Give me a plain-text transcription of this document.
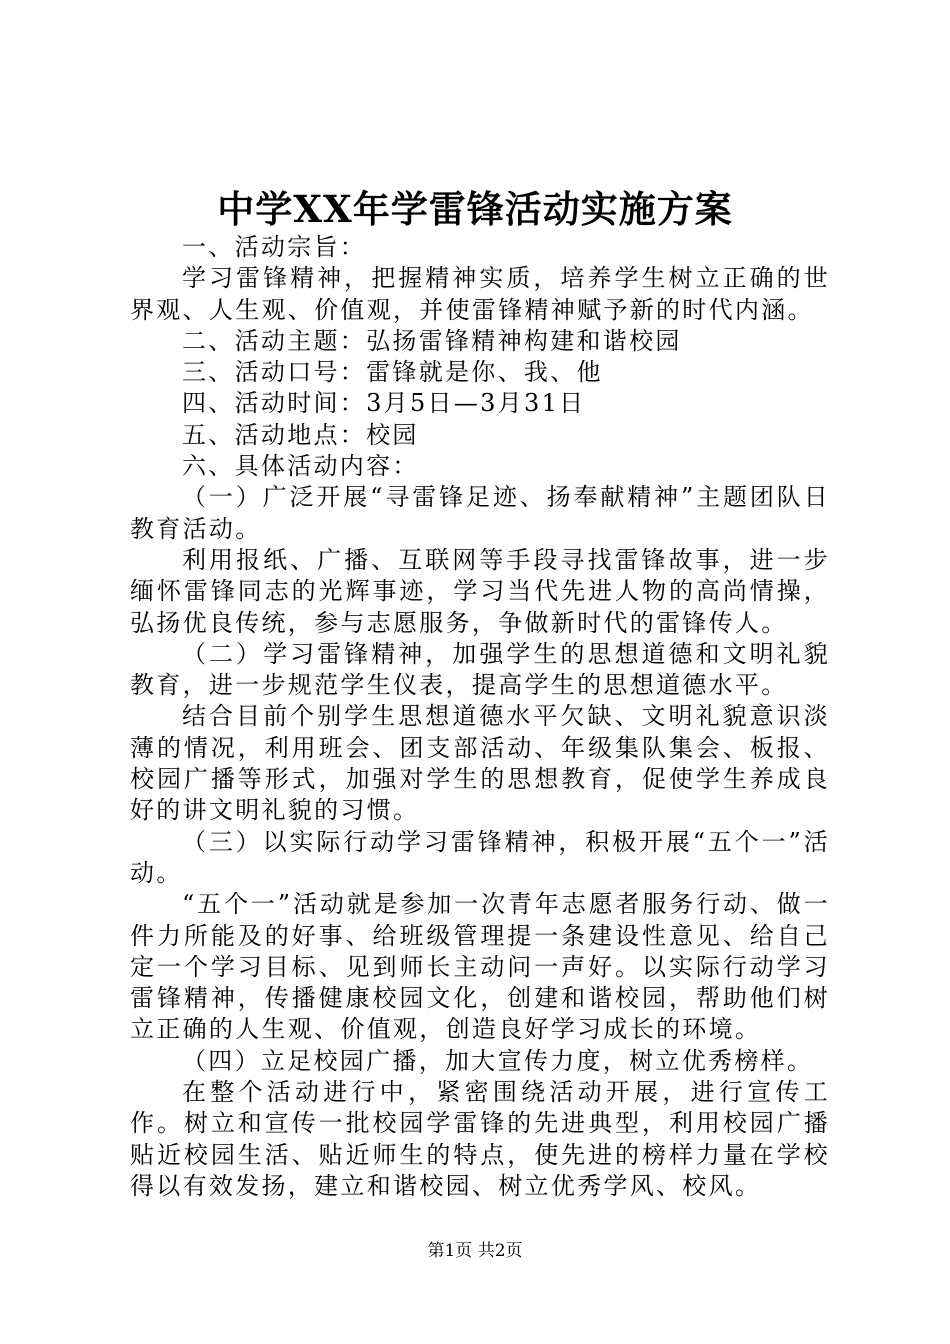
中学XX年学雷锋活动实施方案

一、活动宗旨：

学习雷锋精神，把握精神实质，培养学生树立正确的世界观、人生观、价值观，并使雷锋精神赋予新的时代内涵。

二、活动主题：弘扬雷锋精神构建和谐校园

三、活动口号：雷锋就是你、我、他

四、活动时间：3月5日—3月31日

五、活动地点：校园

六、具体活动内容：

（一）广泛开展“寻雷锋足迹、扬奉献精神”主题团队日教育活动。

利用报纸、广播、互联网等手段寻找雷锋故事，进一步缅怀雷锋同志的光辉事迹，学习当代先进人物的高尚情操，弘扬优良传统，参与志愿服务，争做新时代的雷锋传人。

（二）学习雷锋精神，加强学生的思想道德和文明礼貌教育，进一步规范学生仪表，提高学生的思想道德水平。

结合目前个别学生思想道德水平欠缺、文明礼貌意识淡薄的情况，利用班会、团支部活动、年级集队集会、板报、校园广播等形式，加强对学生的思想教育，促使学生养成良好的讲文明礼貌的习惯。

（三）以实际行动学习雷锋精神，积极开展“五个一”活动。

“五个一”活动就是参加一次青年志愿者服务行动、做一件力所能及的好事、给班级管理提一条建设性意见、给自己定一个学习目标、见到师长主动问一声好。以实际行动学习雷锋精神，传播健康校园文化，创建和谐校园，帮助他们树立正确的人生观、价值观，创造良好学习成长的环境。

（四）立足校园广播，加大宣传力度，树立优秀榜样。

在整个活动进行中，紧密围绕活动开展，进行宣传工作。树立和宣传一批校园学雷锋的先进典型，利用校园广播贴近校园生活、贴近师生的特点，使先进的榜样力量在学校得以有效发扬，建立和谐校园、树立优秀学风、校风。

第1页 共2页
